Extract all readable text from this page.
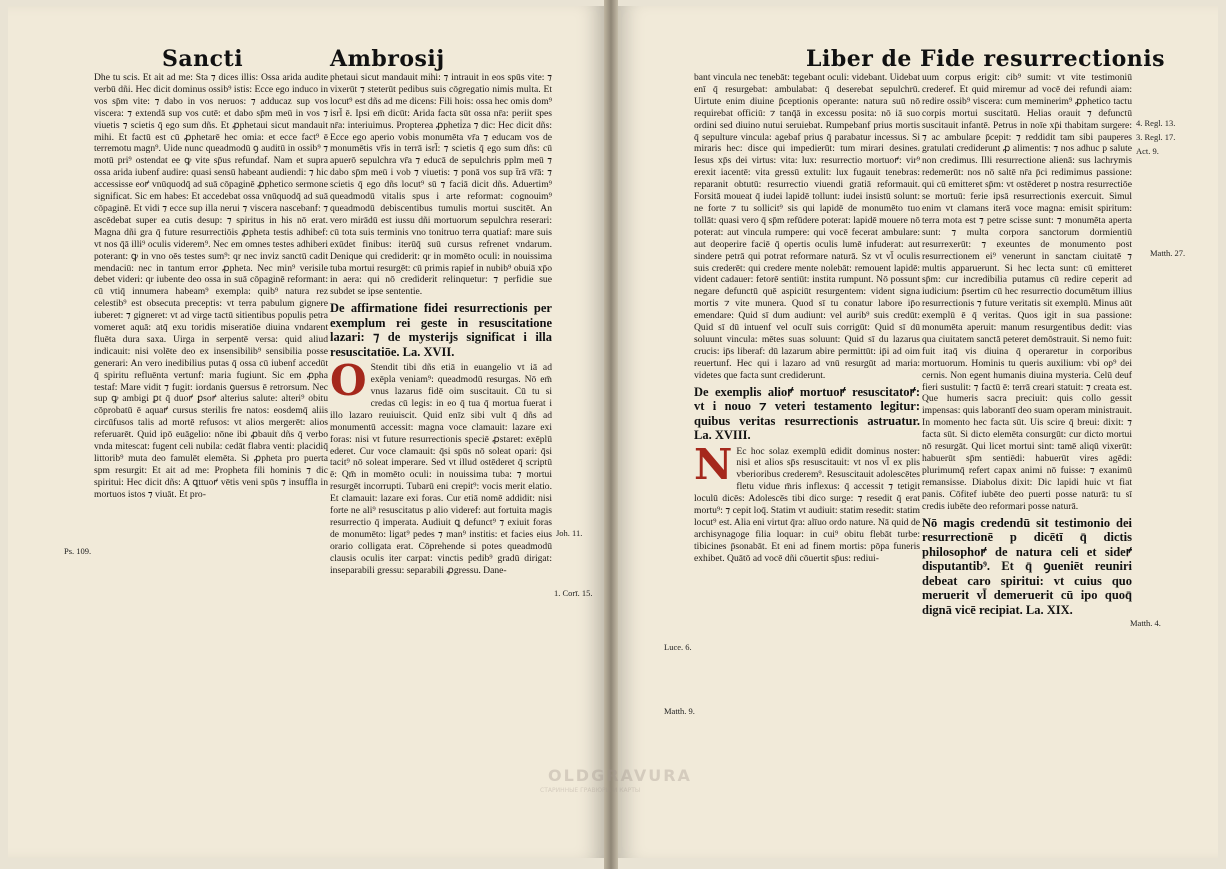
Sancti	Ambrosij

Dhe tu scis. Et ait ad me: Sta ⁊ dices illis: Ossa arida audite verbū dñi. Hec dicit dominus ossib⁹ istis: Ecce ego induco in vos sp̄m vite: ⁊ dabo in vos neruos: ⁊ adducaz sup vos viscera: ⁊ extendā sup vos cutē: et dabo sp̄m meū in vos ⁊ viuetis ⁊ scietis q̄ ego sum dñs. Et ꝓphetaui sicut mandauit mihi. Et factū est cū ꝓphetarē hec omia: et ecce fact⁹ ē terremotu magn⁹. Uide nunc queadmodū ꝯ auditū in ossib⁹ ⁊ motū pri⁹ ostendat ee ꝙ vite sp̄us refundaf. Nam et supra ossa arida iubenf audire: quasi sensū habeant audiendi: ⁊ hic accessisse eoꝵ vnūquodq̄ ad suā cōpaginē ꝓphetico sermone significat. Sic em habes: Et accedebat ossa vnūquodq̄ ad suā cōpaginē. Et vidi ⁊ ecce sup illa nerui ⁊ viscera nascebanf: ⁊ ascēdebat super ea cutis desup: ⁊ spiritus in his nō erat. Magna dñi gra q̄ future resurrectiōis ꝓpheta testis adhibef: vt nos q̄ā illi⁹ oculis viderem⁹. Nec em omnes testes adhiberi poterant: ꝙ in vno oēs testes sum⁹: qr nec inviz sanctū cadit mendaciū: nec in tantum error ꝓpheta. Nec min⁹ verisile debet videri: qr iubente deo ossa in suā cōpaginē reformant: cū vtiq̄ innumera habeam⁹ exempla: quib⁹ natura rez celestib⁹ est obsecuta preceptis: vt terra pabulum gignere iuberet: ⁊ gigneret: vt ad virge tactū sitientibus populis petra vomeret aquā: atq̄ exu toridis miseratiōe diuina vndarent fluēta dura saxa. Uirga in serpentē versa: quid aliud indicauit: nisi volēte deo ex insensibilib⁹ sensibilia posse generari: An vero inedibilius putas q̄ ossa cū iubenf accedūt q̄ spiritu refluēnta vertunf: maria fugiunt. Sic em ꝓpha testaf: Mare vidit ⁊ fugit: iordanis ꝯuersus ē retrorsum. Nec sup ꝙ ambigi ꝑt q̄ duoꝵ ꝑsoꝵ alterius salute: alteri⁹ obitu cōprobatū ē aquaꝵ cursus sterilis fre natos: eosdemq̄ aliis circūfusos talis ad mortē refusos: vt alios mergerēt: alios referuarēt. Quid ipō euāgelio: nōne ibi ꝓbauit dñs q̄ verbo vnda mitescat: fugent celi nubila: cedāt flabra venti: placidiq̄ littorib⁹ muta deo famulēt elemēta. Si ꝓpheta pro puerta spm resurgit: Et ait ad me: Propheta fili hominis ⁊ dic spiritui: Hec dicit dñs: A ꝗttuoꝵ vētis veni spūs ⁊ insuffla in mortuos istos ⁊ viuāt. Et pro-

phetaui sicut mandauit mihi: ⁊ intrauit in eos spūs vite: ⁊ vixerūt ⁊ steterūt pedibus suis cōgregatio nimis multa. Et locut⁹ est dñs ad me dicens: Fili hois: ossa hec omis dom⁹ isrl̄ ē. Ipsi em̄ dicūt: Arida facta sūt ossa nr̄a: periit spes nr̄a: interiuimus. Propterea ꝓpheti̇za ⁊ dic: Hec dicit dñs: Ecce ego aperio vobis monumēta vr̄a ⁊ educam vos de monumētis vr̄is in terrā isrl̄: ⁊ scietis q̄ ego sum dñs: cū apuerō sepulchra vr̄a ⁊ educā de sepulchris pplm meū ⁊ dabo sp̄m meū i vob ⁊ viuetis: ⁊ ponā vos sup t̄rā vr̄ā: ⁊ scietis q̄ ego dñs locut⁹ sū ⁊ faciā dicit dñs. Aduertim⁹ queadmodū vitalis spus i arte reformat: cognouim⁹ queadmodū debiscentibus tumulis mortui suscitēt. An vero mirādū est iussu dñi mortuorum sepulchra reserari: cū tota suis terminis vno tonitruo terra quatiaf: mare suis exūdet finibus: iterūq̄ suū cursus refrenet vndarum. Denique qui crediderit: qr in momēto oculi: in nouissima tuba mortui resurgēt: cū primis rapief in nubib⁹ obuiā xp̄o in aera: qui nō crediderit relinquetur: ⁊ perfidie sue subdet se ipse sententie.

De affirmatione fidei resurrectionis per exemplum rei geste in resuscitatione lazari: ⁊ de mysterijs significat i illa resuscitatiōe. La. XVII.

O Stendit tibi dñs etiā in euangelio vt iā ad exēpla veniam⁹: queadmodū resurgas. Nō em̄ vnus lazarus fidē oim suscitauit. Cū tu si credas cū legis: in eo q̄ tua q̄ mortua fuerat i illo lazaro reuiuiscit. Quid enīz sibi vult q̄ dñs ad monumentū accessit: magna voce clamauit: lazare exi foras: nisi vt future resurrectionis speciē ꝓstaret: exēplū ederet. Cur voce clamauit: q̄si spūs nō soleat opari: q̄si tacit⁹ nō soleat imperare. Sed vt illud ostēderet q̄ scriptū ē: Qm̄ in momēto oculi: in nouissima tuba: ⁊ mortui resurgēt incorrupti. Tubarū eni crepit⁹: vocis merit elatio. Et clamauit: lazare exi foras. Cur etiā nomē addidit: nisi forte ne ali⁹ resuscitatus p alio videref: aut fortuita magis resurrectio q̄ imperata. Audiuit ꝗ defunct⁹ ⁊ exiuit foras de monumēto: ligat⁹ pedes ⁊ man⁹ institis: et facies eius orario colligata erat. Cōprehende si potes queadmodū clausis oculis iter carpat: vinctis pedib⁹ gradū dirigat: inseparabili gressu: separabili ꝓgressu. Dane-

Ps. 109.
Joh. 11.
1. Corī. 15.
Liber de Fide resurrectionis

bant vincula nec tenebāt: tegebant oculi: videbant. Uidebat enī q̄ resurgebat: ambulabat: q̄ deserebat sepulchrū. Uirtute enim diuine p̄ceptionis operante: natura suū nō requirebat officiū: ⁊ tanq̄ā in excessu posita: nō iā suo ordini sed diuino nutui seruiebat. Rumpebanf prius mortis q̄ sepulture vincula: agebaf prius q̄ parabatur incessus. Si miraris hec: disce qui impedierūt: tum mirari desines. Iesus xp̄s dei virtus: vita: lux: resurrectio mortuoꝵ: vir⁹ erexit iacentē: vita gressū extulit: lux fugauit tenebras: reparanit obtutū: resurrectio viuendi gratiā reformauit. Forsitā moueat q̄ iudei lapidē tollunt: iudei insistū solunt: ne forte ⁊ tu sollicit⁹ sis qui lapidē de monumēto tuo tollāt: quasi vero q̄ sp̄m refūdere poterat: lapidē mouere nō poterat: aut vincula rumpere: qui vocē fecerat ambulare: aut deoperire faciē q̄ opertis oculis lumē infuderat: aut sindere petrā qui potrat reformare naturā. Sz vt vl̄ oculis suis crederēt: qui credere mente nolebāt: remouent lapidē: vident cadauer: fetorē sentiūt: instita rumpunt. Nō possunt negare defunctū quē aspiciūt resurgentem: vident signa mortis ⁊ vite munera. Quod sī tu conatur labore ip̄o emendare: Quid sī dum audiunt: vel aurib⁹ suis credūt: Quid sī dū intuenf vel oculī suis corrigūt: Quid sī dū soluunt vincula: mētes suas soluunt: Quid sī du lazarus crucis: ip̄s liberaf: dū lazarum abire permittūt: ip̄i ad oim reuertunf. Hec qui i lazaro ad vnū resurgūt ad maria: videtes que facta sunt crediderunt.

De exemplis alioꝵ mortuoꝵ resuscitatoꝵ: vt i nouo ⁊ veteri testamento legitur: quibus veritas resurrectionis astruatur. La. XVIII.

N Ec hoc solaz exemplū edidit dominus noster: nisi et alios sp̄s resuscitauit: vt nos vl̄ ex plis vberioribus crederem⁹. Resuscitauit adolescētes fletu vidue m̄ris inflexus: q̄ accessit ⁊ tetigit loculū dicēs: Adolescēs tibi dico surge: ⁊ resedit q̄ erat mortu⁹: ⁊ cepit loq̄. Statim vt audiuit: statim resedit: statim locut⁹ est. Alia eni virtut q̄ra: alīuo ordo nature. Nā quid de archisynagoge filia loquar: in cui⁹ obitu flebāt turbe: tibicines p̄sonabāt. Et eni ad finem mortis: pōpa funeris exhibet. Quātō ad vocē dñi cōuertit sp̄us: rediui-

uum corpus erigit: cib⁹ sumit: vt vite testimoniū crederef. Et quid miremur ad vocē dei refundi aiam: redire ossib⁹ viscera: cum meminerim⁹ ꝓphetico tactu corpis mortui suscitatū. Helias orauit ⁊ defunctū suscitauit infantē. Petrus in noīe xp̄i thabitam surgere: ⁊ ac ambulare p̄cepit: ⁊ reddidit tam sibi pauperes gratulati crediderunt ꝓ alimentis: ⁊ nos adhuc p salute non credimus. Illi resurrectione alienā: sus lachrymis redemerūt: nos nō saltē nr̄a p̄ci redimimus passione: qui cū emitteret sp̄m: vt ostēderet p nostra resurrectiōe se mortuū: ferie ipsā resurrectionis exercuit. Simul enim vt clamans iterā voce magna: emisit spiritum: terra mota est ⁊ petre scisse sunt: ⁊ monumēta aperta sunt: ⁊ multa corpora sanctorum dormientiū resurrexerūt: ⁊ exeuntes de monumento post resurrectionem ei⁹ venerunt in sanctam ciuitatē ⁊ multis apparuerunt. Si hec lecta sunt: cū emitteret sp̄m: cur incredibilia putamus cū redire ceperit ad iudicium: p̄sertim cū hec resurrectio documētum illius resurrectionis ⁊ future veritatis sit exemplū. Minus aūt exemplū ē q̄ veritas. Quos igit in sua passione: monumēta aperuit: manum resurgentibus dedit: vias qua ciuitatem sanctā peteret demōstrauit. Si nemo fuit: fuit itaq̄ vis diuina q̄ operaretur in corporibus mortuorum. Hominis tu queris auxilium: vbi op⁹ dei cernis. Non egent humanis diuina mysteria. Celū deuf fieri sustulit: ⁊ factū ē: terrā creari statuit: ⁊ creata est. Que humeris sacra preciuit: quis collo gessit impensas: quis laborantī deo suam operam ministrauit. In momento hec facta sūt. Uis scire q̄ breui: dixit: ⁊ facta sūt. Si dicto elemēta consurgūt: cur dicto mortui nō resurgāt. Qui licet mortui sint: tamē aliqū vixerūt: habuerūt sp̄m sentiēdi: habuerūt vires agēdi: plurimumq̄ refert capax animi nō fuisse: ⁊ exanimū remansisse. Diabolus dixit: Dic lapidi huic vt fiat panis. Cōfitef iubēte deo puerti posse naturā: tu sī credis iubēte deo reformari posse naturā.

Nō magis credendū sit testimonio dei resurrectionē p dicētī q̄ dictis philosophoꝵ de natura celi et sideꝵ disputantib⁹. Et q̄ ꝯueniēt reuniri debeat caro spiritui: vt cuius quo meruerit vl̄ demeruerit cū ipo quoq̄ dignā vicē recipiat. La. XIX.

Luce. 6.
Matth. 9.
4. Regl. 13.
3. Regl. 17.
Act. 9.
Matth. 27.
Matth. 4.
OLDGRAVURA
СТАРИННЫЕ ГРАВЮРЫ И КАРТЫ
